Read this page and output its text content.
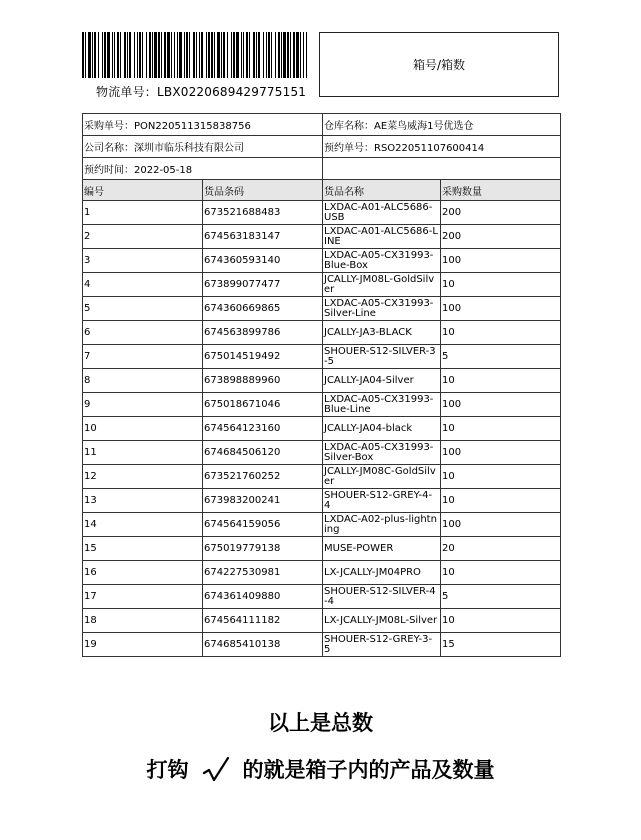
物流单号：LBX0220689429775151
箱号/箱数
采购单号：PON220511315838756	仓库名称：AE菜鸟威海1号优选仓
公司名称：深圳市临乐科技有限公司	预约单号：RSO22051107600414
预约时间：2022-05-18	
编号	货品条码	货品名称	采购数量
1	673521688483	LXDAC-A01-ALC5686-USB	200
2	674563183147	LXDAC-A01-ALC5686-LINE	200
3	674360593140	LXDAC-A05-CX31993-Blue-Box	100
4	673899077477	JCALLY-JM08L-GoldSilver	10
5	674360669865	LXDAC-A05-CX31993-Silver-Line	100
6	674563899786	JCALLY-JA3-BLACK	10
7	675014519492	SHOUER-S12-SILVER-3-5	5
8	673898889960	JCALLY-JA04-Silver	10
9	675018671046	LXDAC-A05-CX31993-Blue-Line	100
10	674564123160	JCALLY-JA04-black	10
11	674684506120	LXDAC-A05-CX31993-Silver-Box	100
12	673521760252	JCALLY-JM08C-GoldSilver	10
13	673983200241	SHOUER-S12-GREY-4-4	10
14	674564159056	LXDAC-A02-plus-lightning	100
15	675019779138	MUSE-POWER	20
16	674227530981	LX-JCALLY-JM04PRO	10
17	674361409880	SHOUER-S12-SILVER-4-4	5
18	674564111182	LX-JCALLY-JM08L-Silver	10
19	674685410138	SHOUER-S12-GREY-3-5	15
以上是总数
打钩	的就是箱子内的产品及数量
